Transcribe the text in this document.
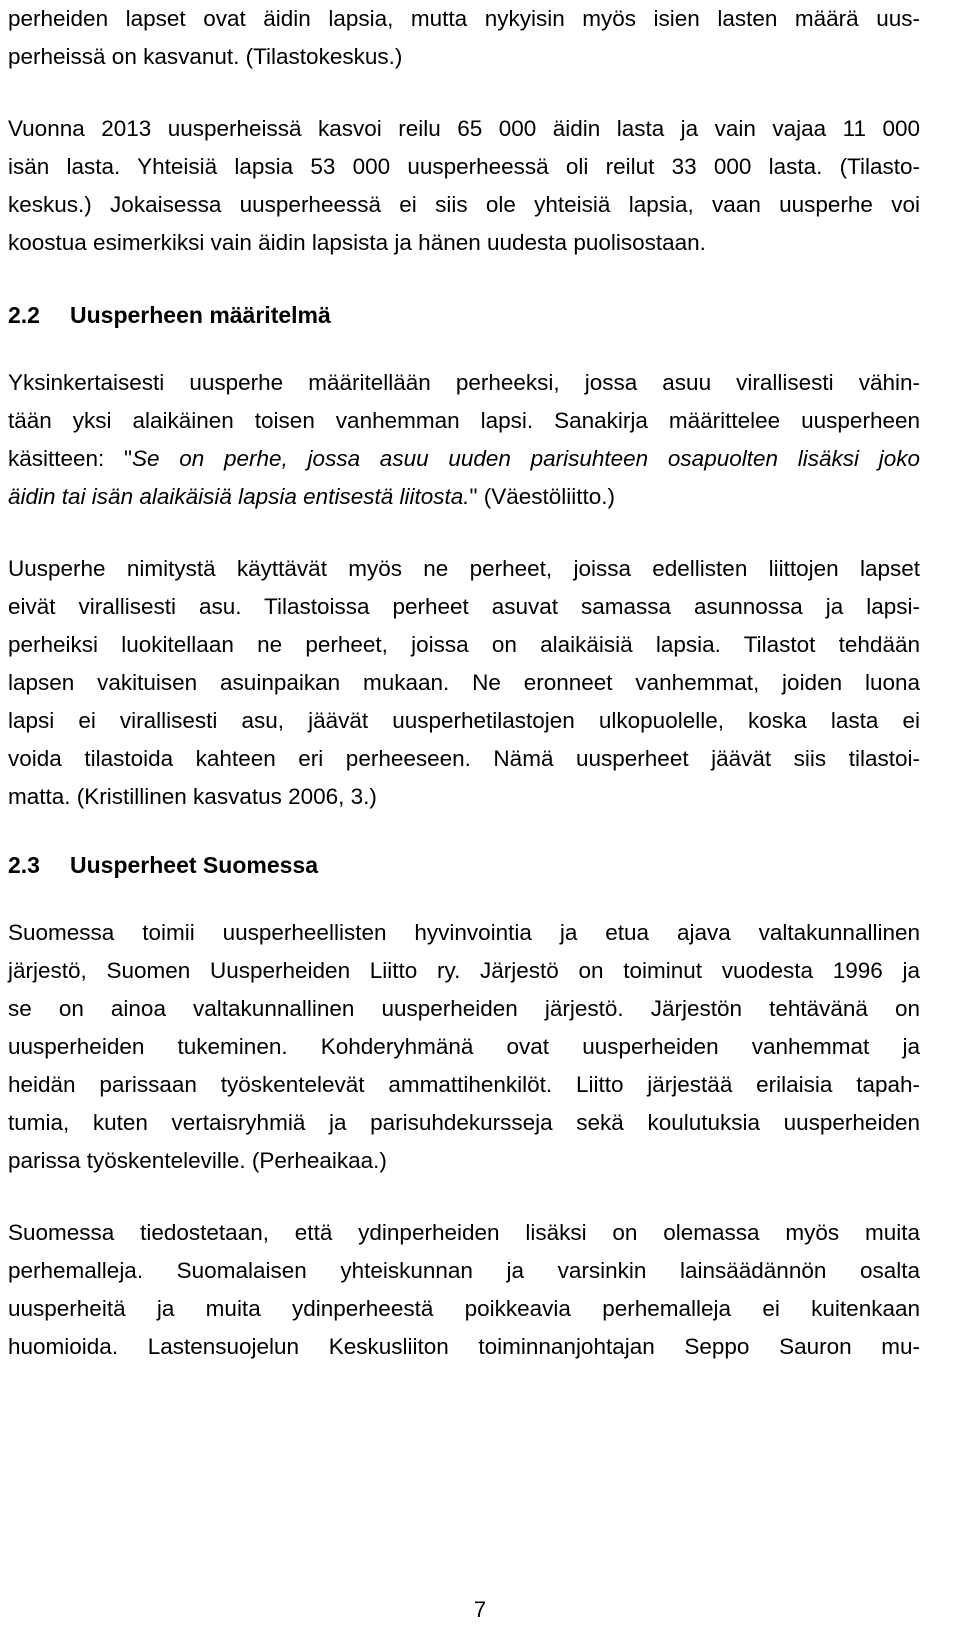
perheiden lapset ovat äidin lapsia, mutta nykyisin myös isien lasten määrä uus-
perheissä on kasvanut. (Tilastokeskus.)
Vuonna 2013 uusperheissä kasvoi reilu 65 000 äidin lasta ja vain vajaa 11 000
isän lasta. Yhteisiä lapsia 53 000 uusperheessä oli reilut 33 000 lasta. (Tilasto-
keskus.) Jokaisessa uusperheessä ei siis ole yhteisiä lapsia, vaan uusperhe voi
koostua esimerkiksi vain äidin lapsista ja hänen uudesta puolisostaan.
2.2 Uusperheen määritelmä
Yksinkertaisesti uusperhe määritellään perheeksi, jossa asuu virallisesti vähin-
tään yksi alaikäinen toisen vanhemman lapsi. Sanakirja määrittelee uusperheen
käsitteen: "Se on perhe, jossa asuu uuden parisuhteen osapuolten lisäksi joko
äidin tai isän alaikäisiä lapsia entisestä liitosta." (Väestöliitto.)
Uusperhe nimitystä käyttävät myös ne perheet, joissa edellisten liittojen lapset
eivät virallisesti asu. Tilastoissa perheet asuvat samassa asunnossa ja lapsi-
perheiksi luokitellaan ne perheet, joissa on alaikäisiä lapsia. Tilastot tehdään
lapsen vakituisen asuinpaikan mukaan. Ne eronneet vanhemmat, joiden luona
lapsi ei virallisesti asu, jäävät uusperhetilastojen ulkopuolelle, koska lasta ei
voida tilastoida kahteen eri perheeseen. Nämä uusperheet jäävät siis tilastoi-
matta. (Kristillinen kasvatus 2006, 3.)
2.3 Uusperheet Suomessa
Suomessa toimii uusperheellisten hyvinvointia ja etua ajava valtakunnallinen
järjestö, Suomen Uusperheiden Liitto ry. Järjestö on toiminut vuodesta 1996 ja
se on ainoa valtakunnallinen uusperheiden järjestö. Järjestön tehtävänä on
uusperheiden tukeminen. Kohderyhmänä ovat uusperheiden vanhemmat ja
heidän parissaan työskentelevät ammattihenkilöt. Liitto järjestää erilaisia tapah-
tumia, kuten vertaisryhmiä ja parisuhdekursseja sekä koulutuksia uusperheiden
parissa työskenteleville. (Perheaikaa.)
Suomessa tiedostetaan, että ydinperheiden lisäksi on olemassa myös muita
perhemalleja. Suomalaisen yhteiskunnan ja varsinkin lainsäädännön osalta
uusperheitä ja muita ydinperheestä poikkeavia perhemalleja ei kuitenkaan
huomioida. Lastensuojelun Keskusliiton toiminnanjohtajan Seppo Sauron mu-
7
